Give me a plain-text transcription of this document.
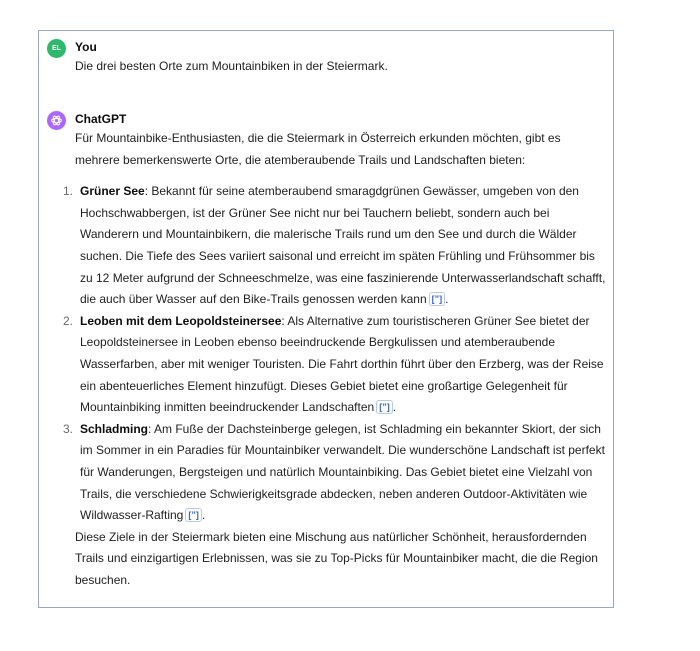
EL You

Die drei besten Orte zum Mountainbiken in der Steiermark.

ChatGPT

Für Mountainbike-Enthusiasten, die die Steiermark in Österreich erkunden möchten, gibt es mehrere bemerkenswerte Orte, die atemberaubende Trails und Landschaften bieten:

1. Grüner See: Bekannt für seine atemberaubend smaragdgrünen Gewässer, umgeben von den Hochschwabbergen, ist der Grüner See nicht nur bei Tauchern beliebt, sondern auch bei Wanderern und Mountainbikern, die malerische Trails rund um den See und durch die Wälder suchen. Die Tiefe des Sees variiert saisonal und erreicht im späten Frühling und Frühsommer bis zu 12 Meter aufgrund der Schneeschmelze, was eine faszinierende Unterwasserlandschaft schafft, die auch über Wasser auf den Bike-Trails genossen werden kann [”] .
2. Leoben mit dem Leopoldsteinersee: Als Alternative zum touristischeren Grüner See bietet der Leopoldsteinersee in Leoben ebenso beeindruckende Bergkulissen und atemberaubende Wasserfarben, aber mit weniger Touristen. Die Fahrt dorthin führt über den Erzberg, was der Reise ein abenteuerliches Element hinzufügt. Dieses Gebiet bietet eine großartige Gelegenheit für Mountainbiking inmitten beeindruckender Landschaften [”] .
3. Schladming: Am Fuße der Dachsteinberge gelegen, ist Schladming ein bekannter Skiort, der sich im Sommer in ein Paradies für Mountainbiker verwandelt. Die wunderschöne Landschaft ist perfekt für Wanderungen, Bergsteigen und natürlich Mountainbiking. Das Gebiet bietet eine Vielzahl von Trails, die verschiedene Schwierigkeitsgrade abdecken, neben anderen Outdoor-Aktivitäten wie Wildwasser-Rafting [”] .

Diese Ziele in der Steiermark bieten eine Mischung aus natürlicher Schönheit, herausfordernden Trails und einzigartigen Erlebnissen, was sie zu Top-Picks für Mountainbiker macht, die die Region besuchen.
